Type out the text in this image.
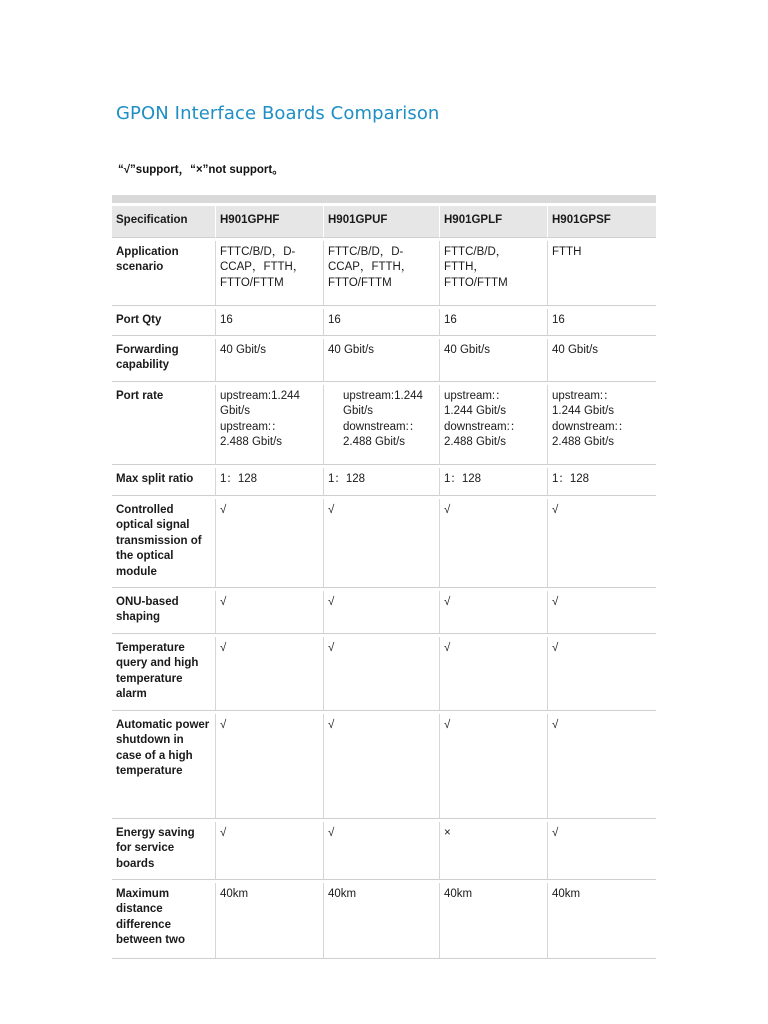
GPON Interface Boards Comparison
“√”support，“×”not support。
Specification	H901GPHF	H901GPUF	H901GPLF	H901GPSF
Application scenario	FTTC/B/D，D-
CCAP，FTTH，
FTTO/FTTM	FTTC/B/D，D-
CCAP，FTTH，
FTTO/FTTM	FTTC/B/D，
FTTH，
FTTO/FTTM	FTTH

Port Qty	16	16	16	16

Forwarding capability	40 Gbit/s	40 Gbit/s	40 Gbit/s	40 Gbit/s

Port rate	upstream:1.244
Gbit/s
upstream:：
2.488 Gbit/s	upstream:1.244
Gbit/s
downstream:：
2.488 Gbit/s	upstream:：
1.244 Gbit/s
downstream:：
2.488 Gbit/s	upstream:：
1.244 Gbit/s
downstream:：
2.488 Gbit/s

Max split ratio	1：128	1：128	1：128	1：128

Controlled optical signal transmission of the optical module	√	√	√	√

ONU-based shaping	√	√	√	√

Temperature query and high temperature alarm	√	√	√	√

Automatic power shutdown in case of a high temperature	√	√	√	√

Energy saving for service boards	√	√	×	√

Maximum distance difference between two	40km	40km	40km	40km
